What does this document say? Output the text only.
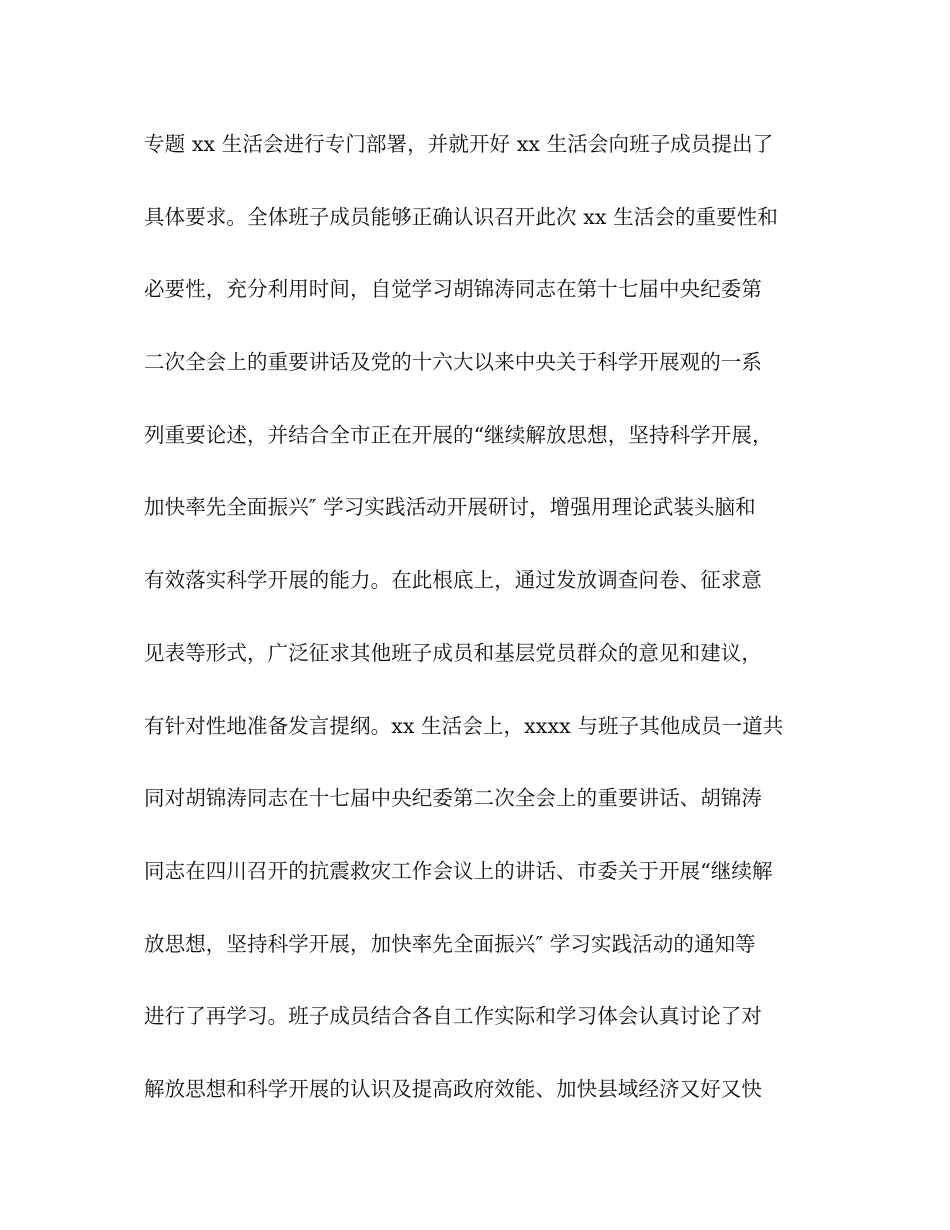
专题 xx 生活会进行专门部署，并就开好 xx 生活会向班子成员提出了
具体要求。全体班子成员能够正确认识召开此次 xx 生活会的重要性和
必要性，充分利用时间，自觉学习胡锦涛同志在第十七届中央纪委第
二次全会上的重要讲话及党的十六大以来中央关于科学开展观的一系
列重要论述，并结合全市正在开展的“继续解放思想，坚持科学开展，
加快率先全面振兴″ 学习实践活动开展研讨，增强用理论武装头脑和
有效落实科学开展的能力。在此根底上，通过发放调查问卷、征求意
见表等形式，广泛征求其他班子成员和基层党员群众的意见和建议，
有针对性地准备发言提纲。xx 生活会上，xxxx 与班子其他成员一道共
同对胡锦涛同志在十七届中央纪委第二次全会上的重要讲话、胡锦涛
同志在四川召开的抗震救灾工作会议上的讲话、市委关于开展“继续解
放思想，坚持科学开展，加快率先全面振兴″ 学习实践活动的通知等
进行了再学习。班子成员结合各自工作实际和学习体会认真讨论了对
解放思想和科学开展的认识及提高政府效能、加快县域经济又好又快
